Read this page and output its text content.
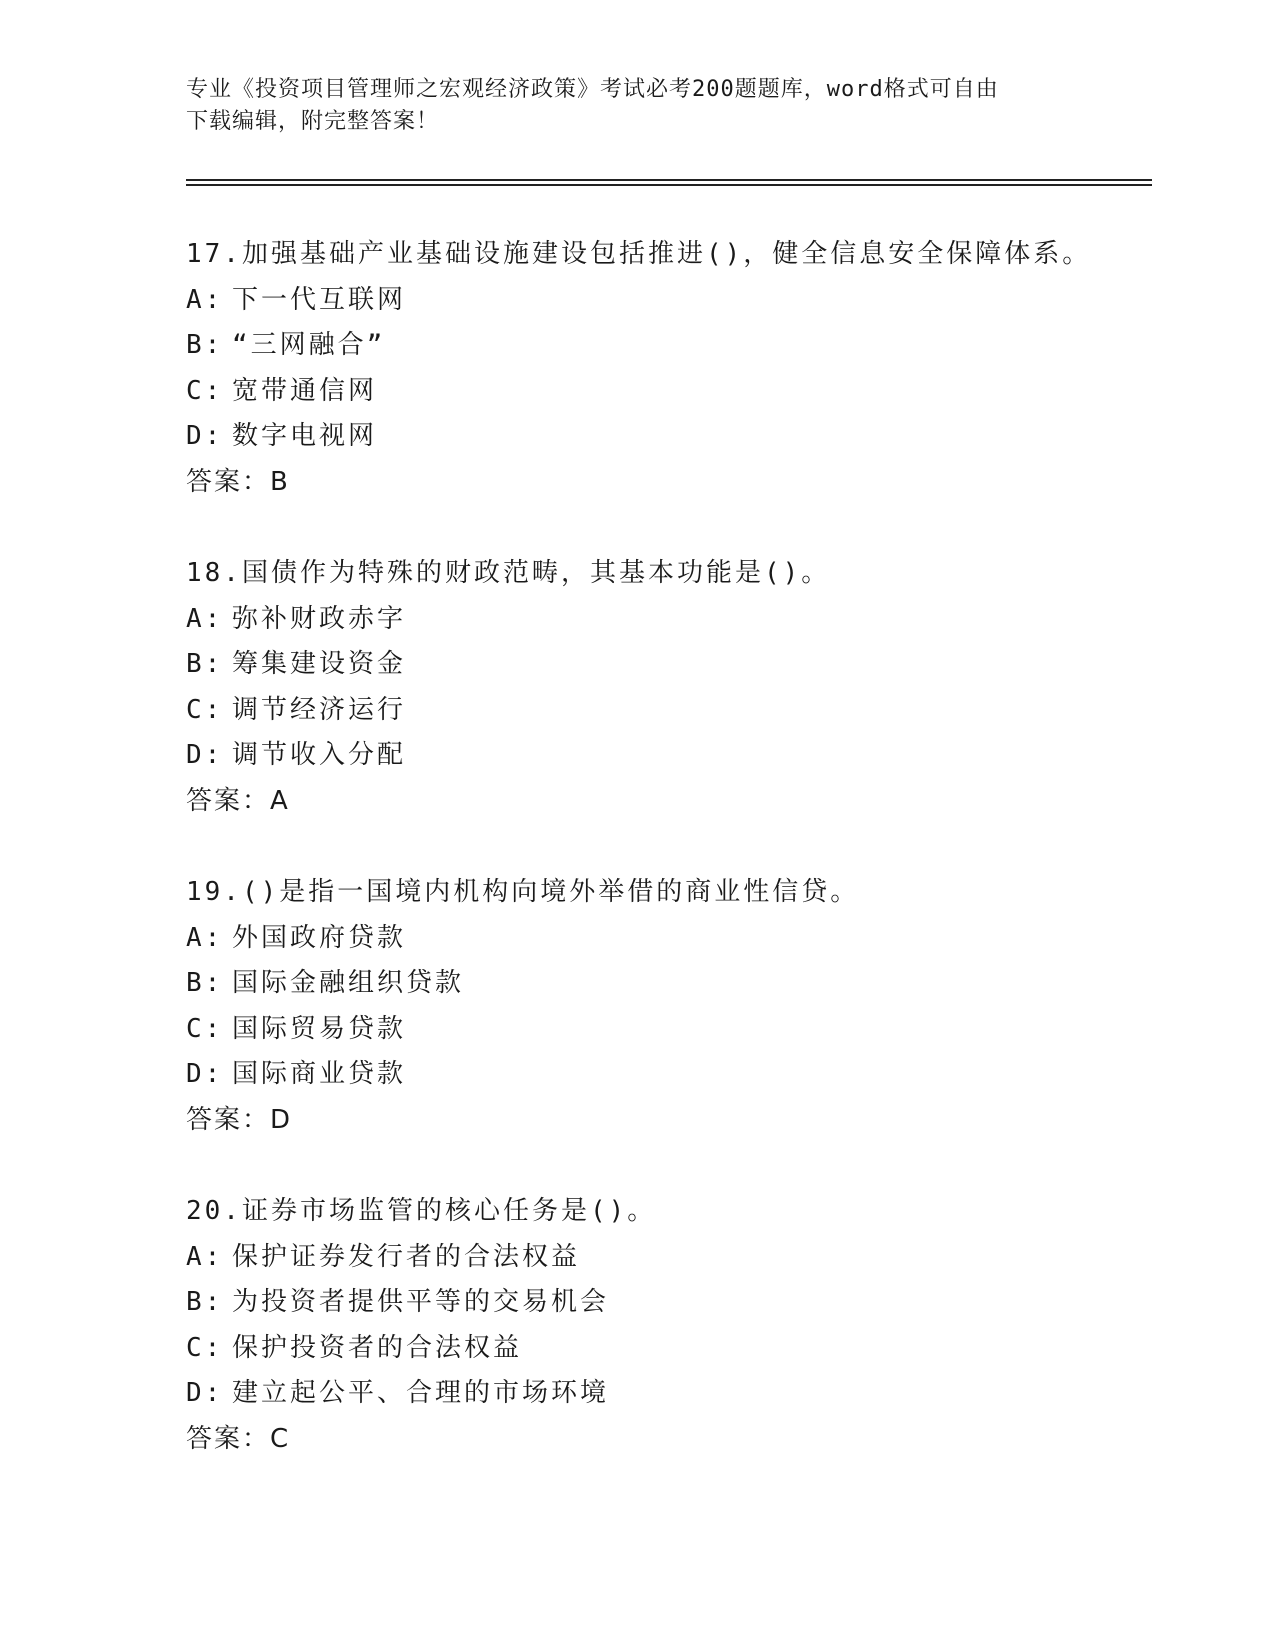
专业《投资项目管理师之宏观经济政策》考试必考200题题库，word格式可自由
下载编辑，附完整答案！
17.加强基础产业基础设施建设包括推进()，健全信息安全保障体系。
A: 下一代互联网
B: “三网融合”
C: 宽带通信网
D: 数字电视网
答案：B
18.国债作为特殊的财政范畴，其基本功能是()。
A: 弥补财政赤字
B: 筹集建设资金
C: 调节经济运行
D: 调节收入分配
答案：A
19.()是指一国境内机构向境外举借的商业性信贷。
A: 外国政府贷款
B: 国际金融组织贷款
C: 国际贸易贷款
D: 国际商业贷款
答案：D
20.证券市场监管的核心任务是()。
A: 保护证券发行者的合法权益
B: 为投资者提供平等的交易机会
C: 保护投资者的合法权益
D: 建立起公平、合理的市场环境
答案：C
